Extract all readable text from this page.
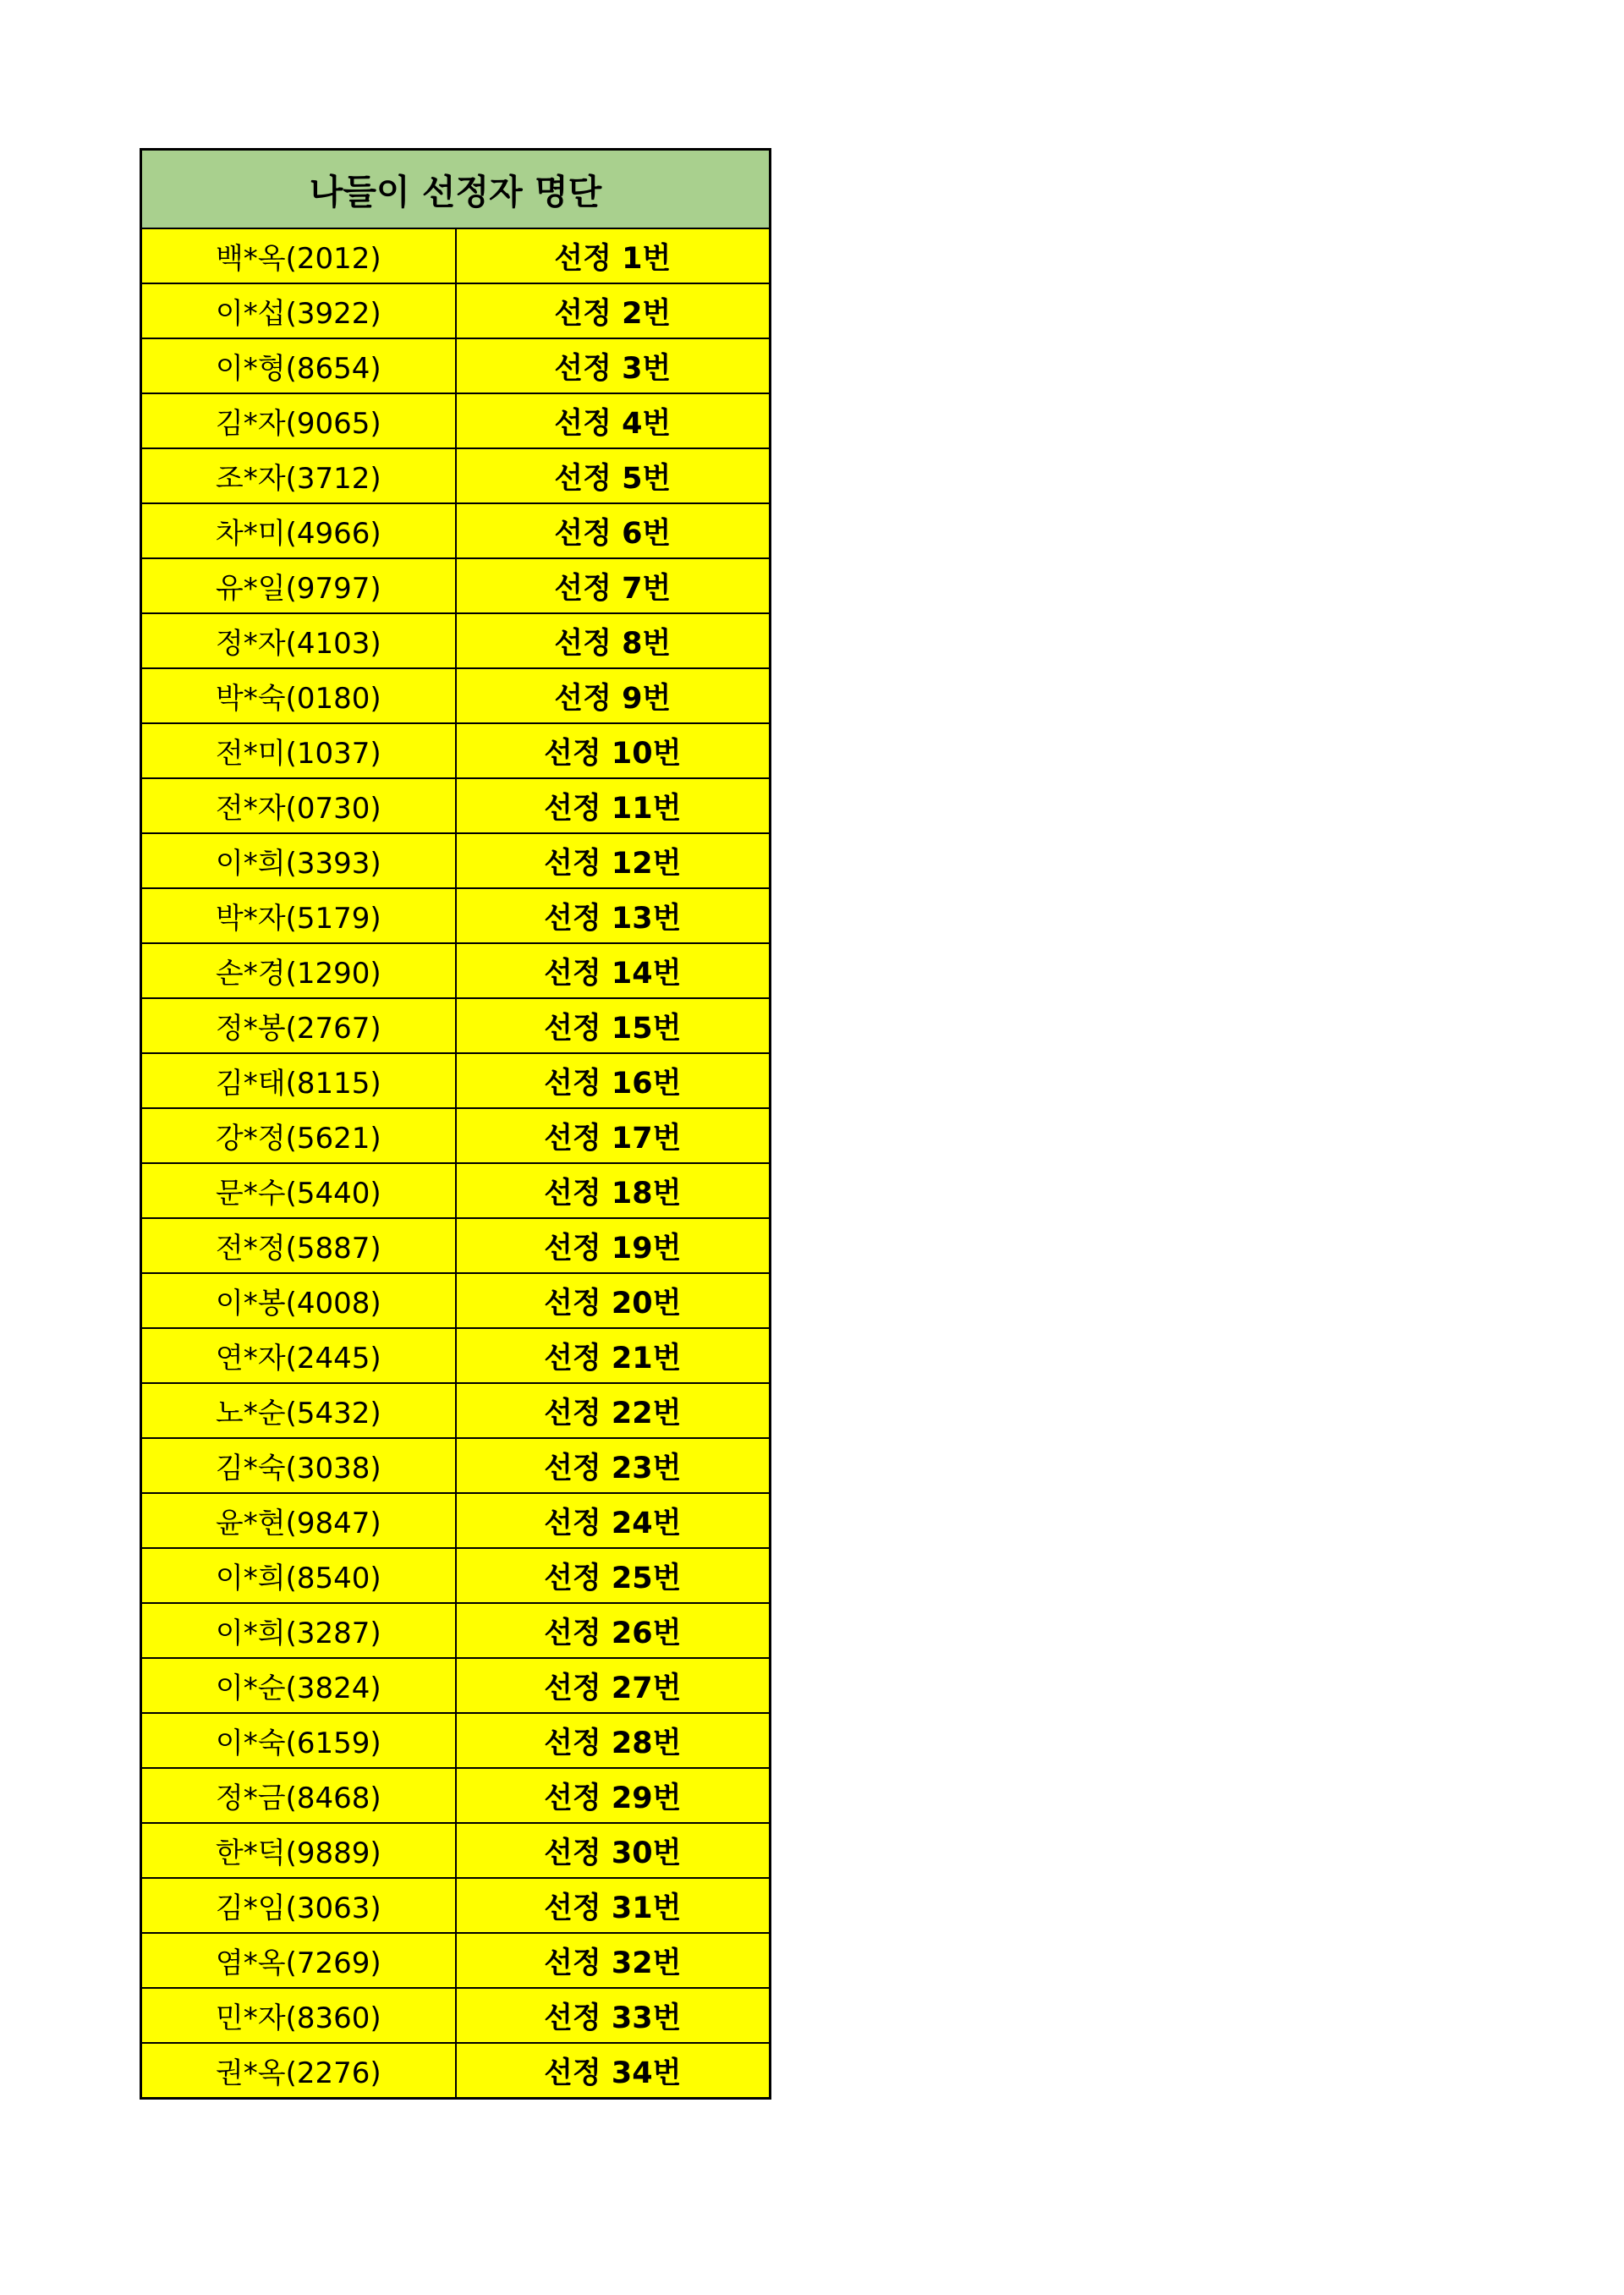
나들이 선정자 명단	
백*옥(2012)	선정 1번
이*섭(3922)	선정 2번
이*형(8654)	선정 3번
김*자(9065)	선정 4번
조*자(3712)	선정 5번
차*미(4966)	선정 6번
유*일(9797)	선정 7번
정*자(4103)	선정 8번
박*숙(0180)	선정 9번
전*미(1037)	선정 10번
전*자(0730)	선정 11번
이*희(3393)	선정 12번
박*자(5179)	선정 13번
손*경(1290)	선정 14번
정*봉(2767)	선정 15번
김*태(8115)	선정 16번
강*정(5621)	선정 17번
문*수(5440)	선정 18번
전*정(5887)	선정 19번
이*봉(4008)	선정 20번
연*자(2445)	선정 21번
노*순(5432)	선정 22번
김*숙(3038)	선정 23번
윤*현(9847)	선정 24번
이*희(8540)	선정 25번
이*희(3287)	선정 26번
이*순(3824)	선정 27번
이*숙(6159)	선정 28번
정*금(8468)	선정 29번
한*덕(9889)	선정 30번
김*임(3063)	선정 31번
염*옥(7269)	선정 32번
민*자(8360)	선정 33번
권*옥(2276)	선정 34번
